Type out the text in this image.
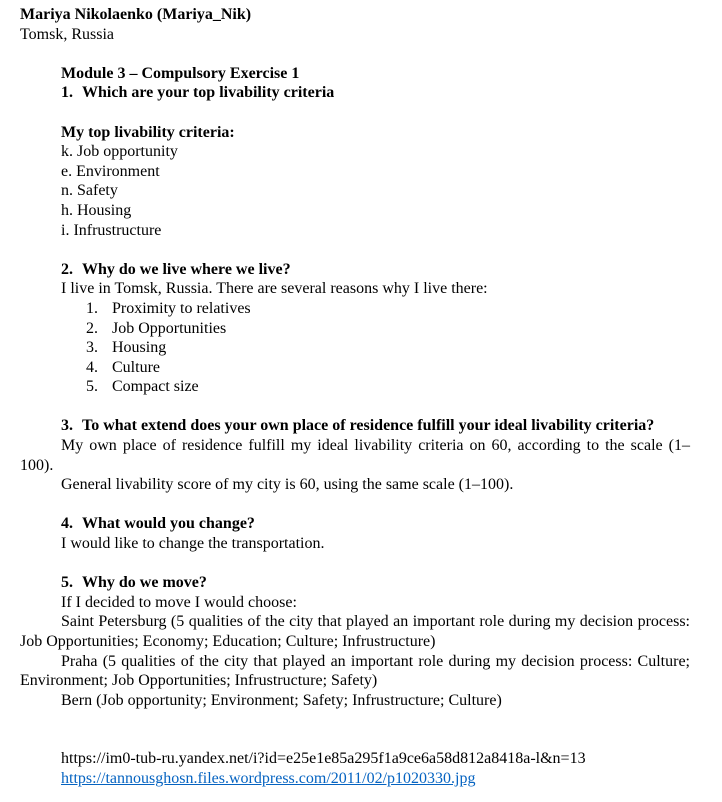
Mariya Nikolaenko (Mariya_Nik)
Tomsk, Russia
Module 3 – Compulsory Exercise 1
1. Which are your top livability criteria
My top livability criteria:
k. Job opportunity
e. Environment
n. Safety
h. Housing
i. Infrustructure
2. Why do we live where we live?
I live in Tomsk, Russia. There are several reasons why I live there:
1. Proximity to relatives
2. Job Opportunities
3. Housing
4. Culture
5. Compact size
3. To what extend does your own place of residence fulfill your ideal livability criteria?
My own place of residence fulfill my ideal livability criteria on 60, according to the scale (1–100).
General livability score of my city is 60, using the same scale (1–100).
4. What would you change?
I would like to change the transportation.
5. Why do we move?
If I decided to move I would choose:
Saint Petersburg (5 qualities of the city that played an important role during my decision process: Job Opportunities; Economy; Education; Culture; Infrustructure)
Praha (5 qualities of the city that played an important role during my decision process: Culture; Environment; Job Opportunities; Infrustructure; Safety)
Bern (Job opportunity; Environment; Safety; Infrustructure; Culture)
https://im0-tub-ru.yandex.net/i?id=e25e1e85a295f1a9ce6a58d812a8418a-l&n=13
https://tannousghosn.files.wordpress.com/2011/02/p1020330.jpg
